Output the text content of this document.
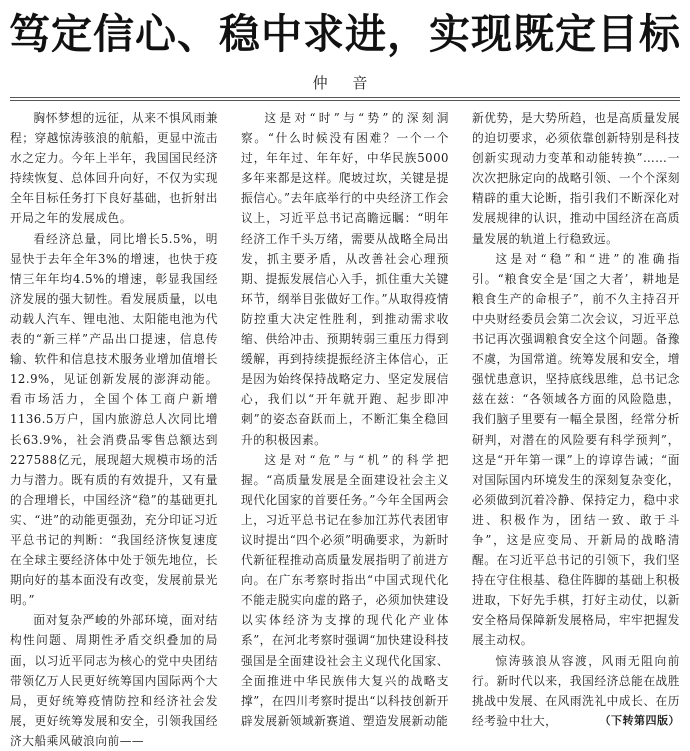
笃定信心、稳中求进，实现既定目标
仲 音

胸怀梦想的远征，从来不惧风雨兼程；穿越惊涛骇浪的航船，更显中流击水之定力。今年上半年，我国国民经济持续恢复、总体回升向好，不仅为实现全年目标任务打下良好基础，也折射出开局之年的发展成色。

看经济总量，同比增长5.5%，明显快于去年全年3%的增速，也快于疫情三年年均4.5%的增速，彰显我国经济发展的强大韧性。看发展质量，以电动载人汽车、锂电池、太阳能电池为代表的“新三样”产品出口提速，信息传输、软件和信息技术服务业增加值增长12.9%，见证创新发展的澎湃动能。看市场活力，全国个体工商户新增1136.5万户，国内旅游总人次同比增长63.9%，社会消费品零售总额达到227588亿元，展现超大规模市场的活力与潜力。既有质的有效提升，又有量的合理增长，中国经济“稳”的基础更扎实、“进”的动能更强劲，充分印证习近平总书记的判断：“我国经济恢复速度在全球主要经济体中处于领先地位，长期向好的基本面没有改变，发展前景光明。”

面对复杂严峻的外部环境，面对结构性问题、周期性矛盾交织叠加的局面，以习近平同志为核心的党中央团结带领亿万人民更好统筹国内国际两个大局，更好统筹疫情防控和经济社会发展，更好统筹发展和安全，引领我国经济大船乘风破浪向前——

这是对“时”与“势”的深刻洞察。“什么时候没有困难？一个一个过，年年过、年年好，中华民族5000多年来都是这样。爬坡过坎，关键是提振信心。”去年底举行的中央经济工作会议上，习近平总书记高瞻远瞩：“明年经济工作千头万绪，需要从战略全局出发，抓主要矛盾，从改善社会心理预期、提振发展信心入手，抓住重大关键环节，纲举目张做好工作。”从取得疫情防控重大决定性胜利，到推动需求收缩、供给冲击、预期转弱三重压力得到缓解，再到持续提振经济主体信心，正是因为始终保持战略定力、坚定发展信心，我们以“开年就开跑、起步即冲刺”的姿态奋跃而上，不断汇集全稳回升的积极因素。

这是对“危”与“机”的科学把握。“高质量发展是全面建设社会主义现代化国家的首要任务。”今年全国两会上，习近平总书记在参加江苏代表团审议时提出“四个必须”明确要求，为新时代新征程推动高质量发展指明了前进方向。在广东考察时指出“中国式现代化不能走脱实向虚的路子，必须加快建设以实体经济为支撑的现代化产业体系”，在河北考察时强调“加快建设科技强国是全面建设社会主义现代化国家、全面推进中华民族伟大复兴的战略支撑”，在四川考察时提出“以科技创新开辟发展新领域新赛道、塑造发展新动能

新优势，是大势所趋，也是高质量发展的迫切要求，必须依靠创新特别是科技创新实现动力变革和动能转换”……一次次把脉定向的战略引领、一个个深刻精辟的重大论断，指引我们不断深化对发展规律的认识，推动中国经济在高质量发展的轨道上行稳致远。

这是对“稳”和“进”的准确指引。“粮食安全是‘国之大者’，耕地是粮食生产的命根子”，前不久主持召开中央财经委员会第二次会议，习近平总书记再次强调粮食安全这个问题。备豫不虞，为国常道。统筹发展和安全，增强忧患意识，坚持底线思维，总书记念兹在兹：“各领域各方面的风险隐患，我们脑子里要有一幅全景图，经常分析研判，对潜在的风险要有科学预判”，这是“开年第一课”上的谆谆告诫；“面对国际国内环境发生的深刻复杂变化，必须做到沉着冷静、保持定力，稳中求进、积极作为，团结一致、敢于斗争”，这是应变局、开新局的战略清醒。在习近平总书记的引领下，我们坚持在守住根基、稳住阵脚的基础上积极进取，下好先手棋，打好主动仗，以新安全格局保障新发展格局，牢牢把握发展主动权。

惊涛骇浪从容渡，风雨无阻向前行。新时代以来，我国经济总能在战胜挑战中发展、在风雨洗礼中成长、在历经考验中壮大，	（下转第四版）
